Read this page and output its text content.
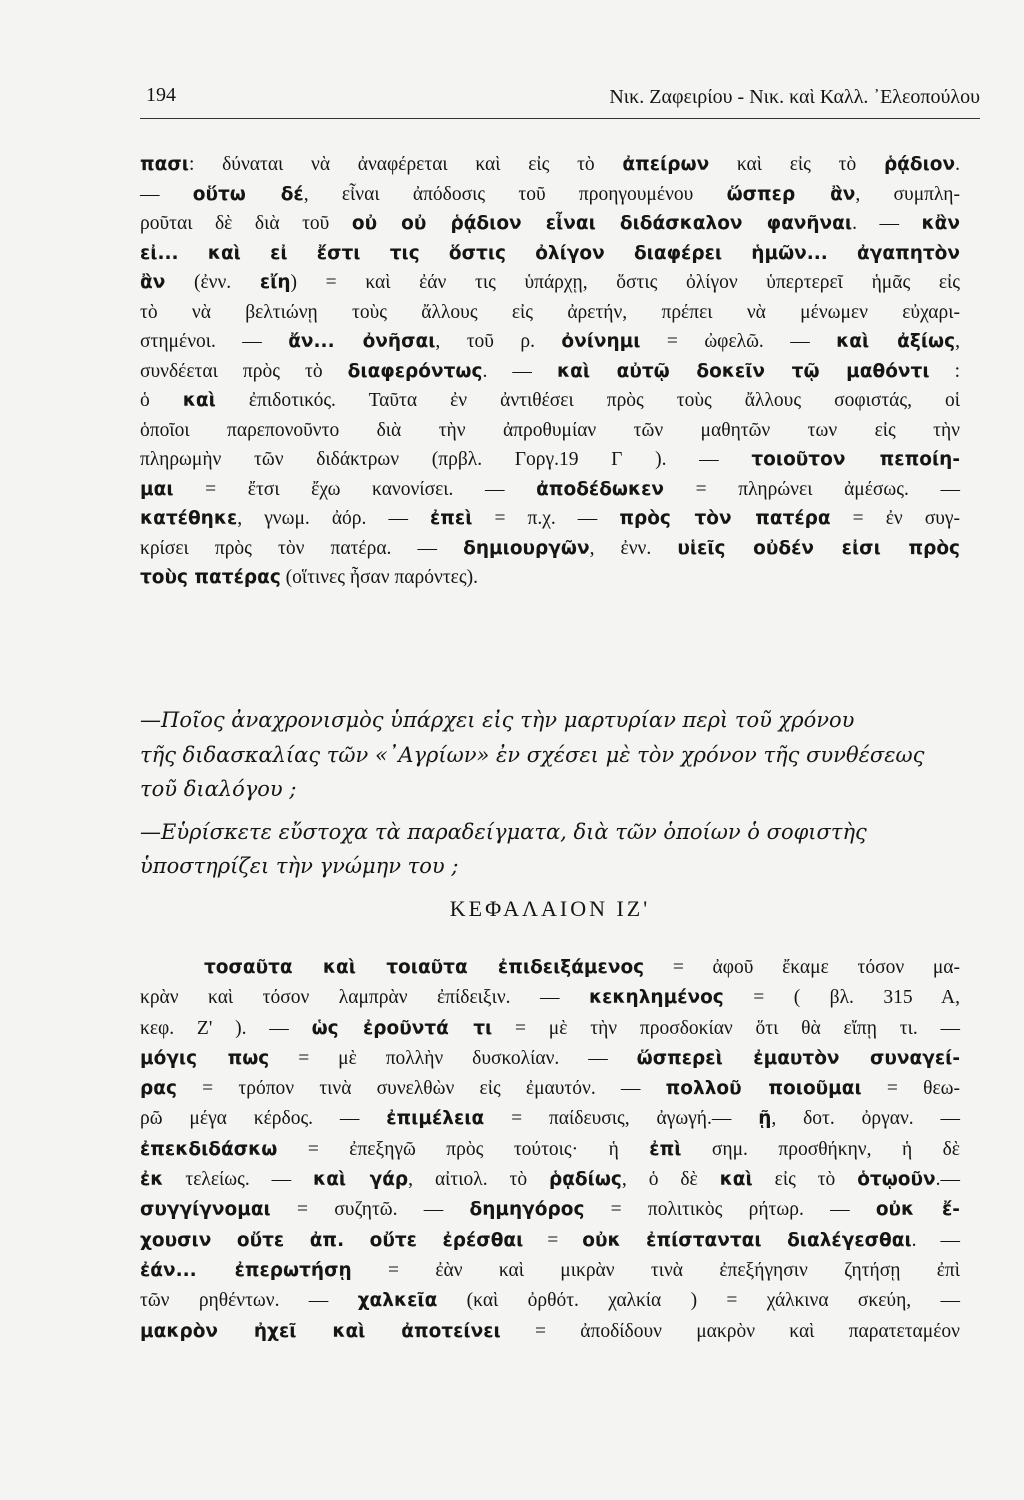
194	Νικ. Ζαφειρίου - Νικ. καὶ Καλλ. ᾿Ελεοπούλου
πασι: δύναται νὰ ἀναφέρεται καὶ εἰς τὸ ἀπείρων καὶ εἰς τὸ ῥᾴδιον.
— οὕτω δέ, εἶναι ἀπόδοσις τοῦ προηγουμένου ὥσπερ ἂν, συμπλη-
ροῦται δὲ διὰ τοῦ οὐ οὐ ῥᾴδιον εἶναι διδάσκαλον φανῆναι. — κἂν
εἰ... καὶ εἰ ἔστι τις ὅστις ὀλίγον διαφέρει ἡμῶν... ἀγαπητὸν
ἂν (ἐνν. εἴη) = καὶ ἐάν τις ὑπάρχῃ, ὅστις ὀλίγον ὑπερτερεῖ ἡμᾶς εἰς
τὸ νὰ βελτιώνῃ τοὺς ἄλλους εἰς ἀρετήν, πρέπει νὰ μένωμεν εὐχαρι-
στημένοι. — ἄν... ὀνῆσαι, τοῦ ρ. ὀνίνημι = ὠφελῶ. — καὶ ἀξίως,
συνδέεται πρὸς τὸ διαφερόντως. — καὶ αὐτῷ δοκεῖν τῷ μαθόντι :
ὁ καὶ ἐπιδοτικός. Ταῦτα ἐν ἀντιθέσει πρὸς τοὺς ἄλλους σοφιστάς, οἱ
ὁποῖοι παρεπονοῦντο διὰ τὴν ἀπροθυμίαν τῶν μαθητῶν των εἰς τὴν
πληρωμὴν τῶν διδάκτρων (πρβλ. Γοργ.19 Γ ). — τοιοῦτον πεποίη-
μαι = ἔτσι ἔχω κανονίσει. — ἀποδέδωκεν = πληρώνει ἀμέσως. —
κατέθηκε, γνωμ. ἀόρ. — ἐπεὶ = π.χ. — πρὸς τὸν πατέρα = ἐν συγ-
κρίσει πρὸς τὸν πατέρα. — δημιουργῶν, ἐνν. υἱεῖς οὐδέν εἰσι πρὸς
τοὺς πατέρας (οἵτινες ἦσαν παρόντες).
—Ποῖος ἀναχρονισμὸς ὑπάρχει εἰς τὴν μαρτυρίαν περὶ τοῦ χρόνου
τῆς διδασκαλίας τῶν «᾿Αγρίων» ἐν σχέσει μὲ τὸν χρόνον τῆς συνθέσεως
τοῦ διαλόγου ;
—Εὑρίσκετε εὔστοχα τὰ παραδείγματα, διὰ τῶν ὁποίων ὁ σοφιστὴς
ὑποστηρίζει τὴν γνώμην του ;
ΚΕΦΑΛΑΙΟΝ ΙΖ'
τοσαῦτα καὶ τοιαῦτα ἐπιδειξάμενος = ἀφοῦ ἔκαμε τόσον μα-
κρὰν καὶ τόσον λαμπρὰν ἐπίδειξιν. — κεκηλημένος = ( βλ. 315 Α,
κεφ. Ζ' ). — ὡς ἐροῦντά τι = μὲ τὴν προσδοκίαν ὅτι θὰ εἴπῃ τι. —
μόγις πως = μὲ πολλὴν δυσκολίαν. — ὥσπερεὶ ἐμαυτὸν συναγεί-
ρας = τρόπον τινὰ συνελθὼν εἰς ἐμαυτόν. — πολλοῦ ποιοῦμαι = θεω-
ρῶ μέγα κέρδος. — ἐπιμέλεια = παίδευσις, ἀγωγή.— ῇ, δοτ. ὀργαν. —
ἐπεκδιδάσκω = ἐπεξηγῶ πρὸς τούτοις· ἡ ἐπὶ σημ. προσθήκην, ἡ δὲ
ἐκ τελείως. — καὶ γάρ, αἰτιολ. τὸ ῥᾳδίως, ὁ δὲ καὶ εἰς τὸ ὁτῳοῦν.—
συγγίγνομαι = συζητῶ. — δημηγόρος = πολιτικὸς ρήτωρ. — οὐκ ἔ-
χουσιν οὔτε ἀπ. οὔτε ἐρέσθαι = οὐκ ἐπίστανται διαλέγεσθαι. —
ἐάν... ἐπερωτήσῃ = ἐὰν καὶ μικρὰν τινὰ ἐπεξήγησιν ζητήσῃ ἐπὶ
τῶν ρηθέντων. — χαλκεῖα (καὶ ὀρθότ. χαλκία ) = χάλκινα σκεύη, —
μακρὸν ἠχεῖ καὶ ἀποτείνει = ἀποδίδουν μακρὸν καὶ παρατεταμέον
